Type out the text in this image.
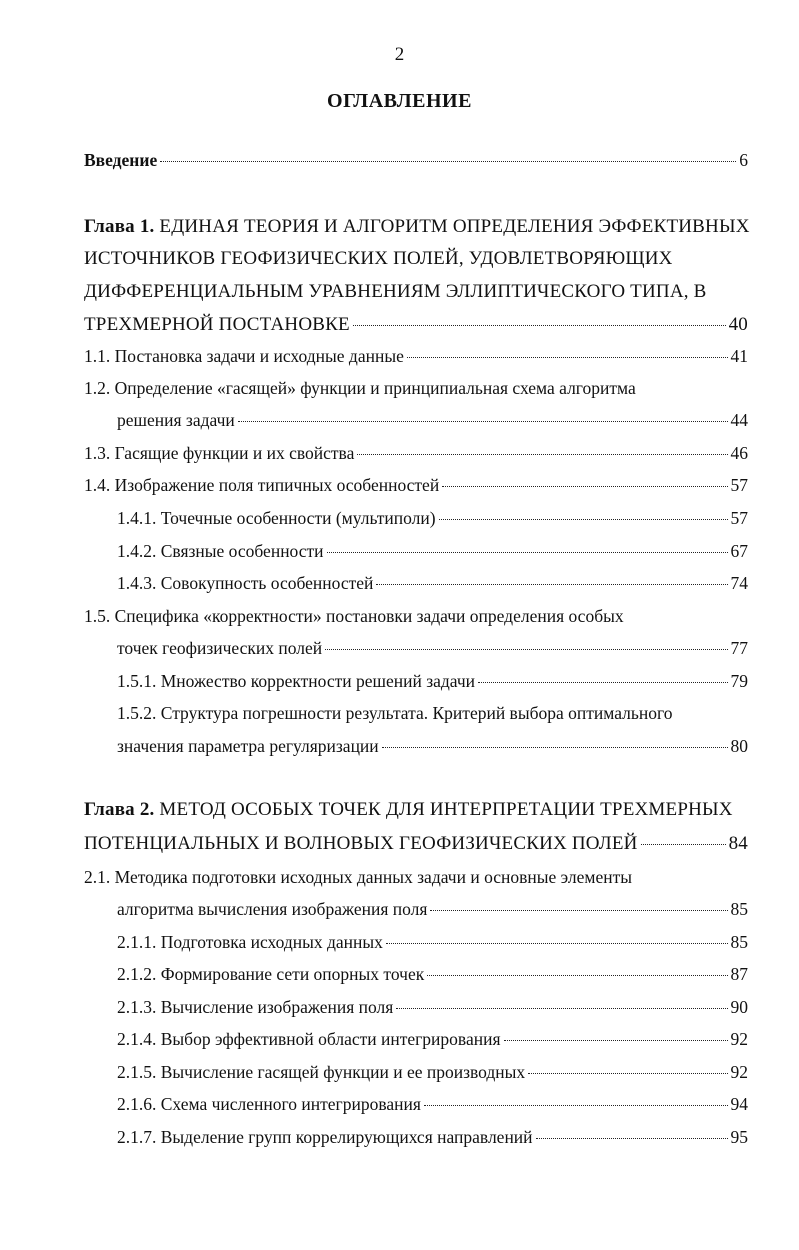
2
ОГЛАВЛЕНИЕ
Введение	6
Глава 1. ЕДИНАЯ ТЕОРИЯ И АЛГОРИТМ ОПРЕДЕЛЕНИЯ ЭФФЕКТИВНЫХ
ИСТОЧНИКОВ ГЕОФИЗИЧЕСКИХ ПОЛЕЙ, УДОВЛЕТВОРЯЮЩИХ
ДИФФЕРЕНЦИАЛЬНЫМ УРАВНЕНИЯМ ЭЛЛИПТИЧЕСКОГО ТИПА, В
ТРЕХМЕРНОЙ ПОСТАНОВКЕ	40
1.1. Постановка задачи и исходные данные	41
1.2. Определение «гасящей» функции и принципиальная схема алгоритма
решения задачи	44
1.3. Гасящие функции и их свойства	46
1.4. Изображение поля типичных особенностей	57
1.4.1. Точечные особенности (мультиполи)	57
1.4.2. Связные особенности	67
1.4.3. Совокупность особенностей	74
1.5. Специфика «корректности» постановки задачи определения особых
точек геофизических полей	77
1.5.1. Множество корректности решений задачи	79
1.5.2. Структура погрешности результата. Критерий выбора оптимального
значения параметра регуляризации	80
Глава 2. МЕТОД ОСОБЫХ ТОЧЕК ДЛЯ ИНТЕРПРЕТАЦИИ ТРЕХМЕРНЫХ
ПОТЕНЦИАЛЬНЫХ И ВОЛНОВЫХ ГЕОФИЗИЧЕСКИХ ПОЛЕЙ	84
2.1. Методика подготовки исходных данных задачи и основные элементы
алгоритма вычисления изображения поля	85
2.1.1. Подготовка исходных данных	85
2.1.2. Формирование сети опорных точек	87
2.1.3. Вычисление изображения поля	90
2.1.4. Выбор эффективной области интегрирования	92
2.1.5. Вычисление гасящей функции и ее производных	92
2.1.6. Схема численного интегрирования	94
2.1.7. Выделение групп коррелирующихся направлений	95
